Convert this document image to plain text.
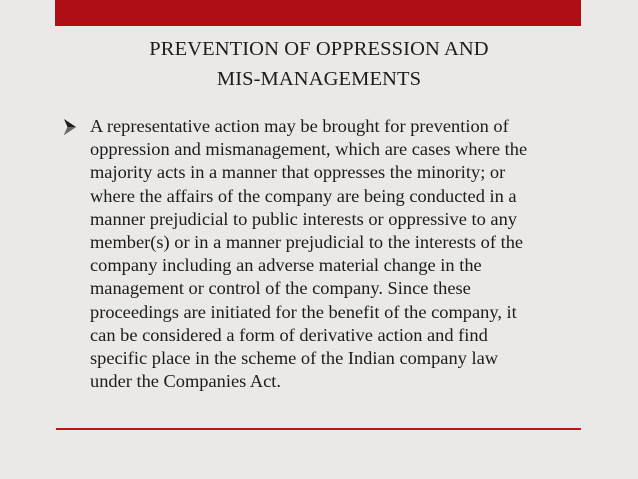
PREVENTION OF OPPRESSION AND
MIS-MANAGEMENTS
A representative action may be brought for prevention of
oppression and mismanagement, which are cases where the
majority acts in a manner that oppresses the minority; or
where the affairs of the company are being conducted in a
manner prejudicial to public interests or oppressive to any
member(s) or in a manner prejudicial to the interests of the
company including an adverse material change in the
management or control of the company. Since these
proceedings are initiated for the benefit of the company, it
can be considered a form of derivative action and find
specific place in the scheme of the Indian company law
under the Companies Act.
